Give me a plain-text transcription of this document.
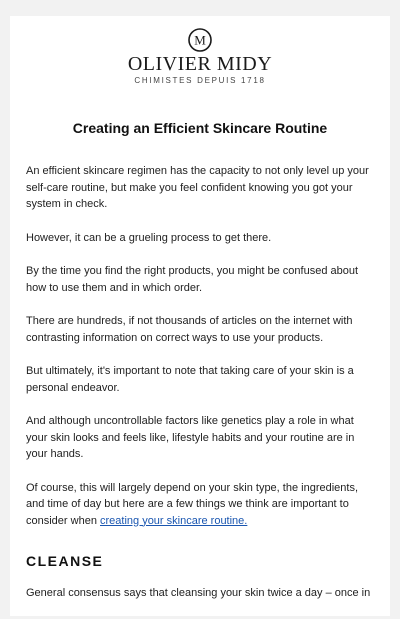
M
OLIVIER MIDY
CHIMISTES DEPUIS 1718
Creating an Efficient Skincare Routine

An efficient skincare regimen has the capacity to not only level up your self-care routine, but make you feel confident knowing you got your system in check.

However, it can be a grueling process to get there.

By the time you find the right products, you might be confused about how to use them and in which order.

There are hundreds, if not thousands of articles on the internet with contrasting information on correct ways to use your products.

But ultimately, it's important to note that taking care of your skin is a personal endeavor.

And although uncontrollable factors like genetics play a role in what your skin looks and feels like, lifestyle habits and your routine are in your hands.

Of course, this will largely depend on your skin type, the ingredients, and time of day but here are a few things we think are important to consider when creating your skincare routine.

CLEANSE

General consensus says that cleansing your skin twice a day – once in
